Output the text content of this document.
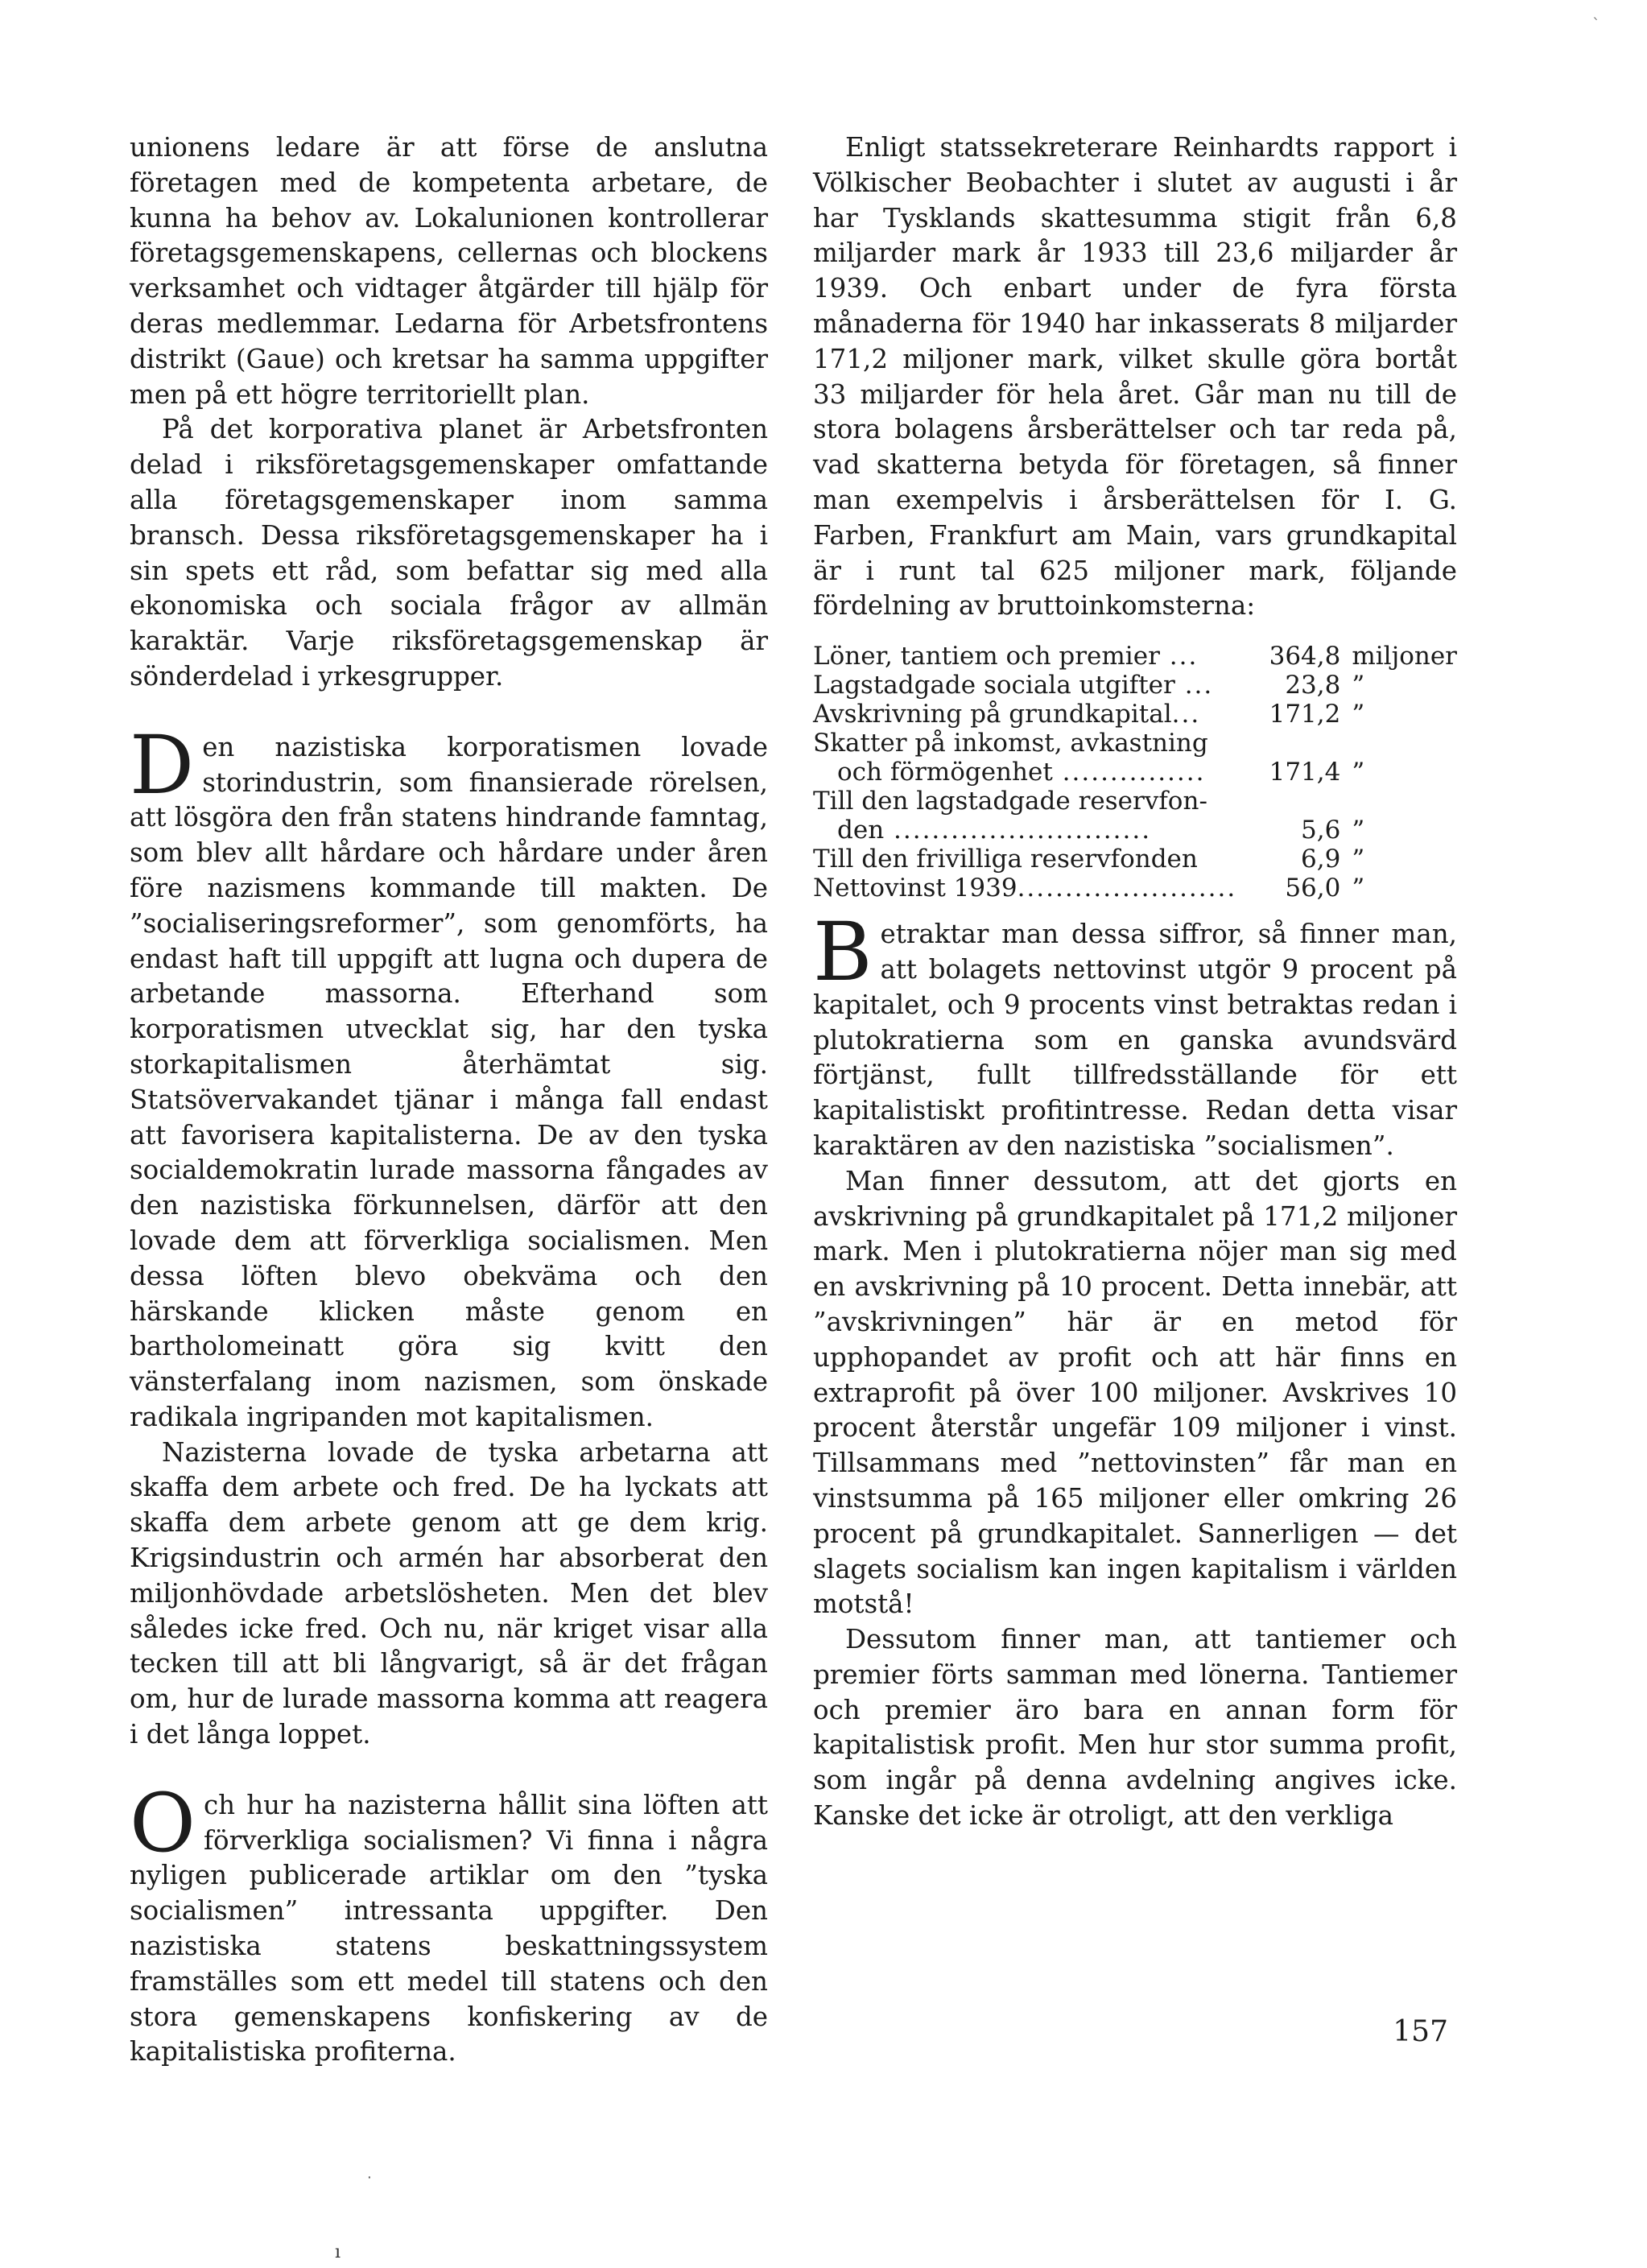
ˋ

unionens ledare är att förse de anslutna företagen med de kompetenta arbetare, de kunna ha behov av. Lokalunionen kontrollerar företagsgemenskapens, cellernas och blockens verksamhet och vidtager åtgärder till hjälp för deras medlemmar. Ledarna för Arbetsfrontens distrikt (Gaue) och kretsar ha samma uppgifter men på ett högre territoriellt plan.

På det korporativa planet är Arbetsfronten delad i riksföretagsgemenskaper omfattande alla företagsgemenskaper inom samma bransch. Dessa riksföretagsgemenskaper ha i sin spets ett råd, som befattar sig med alla ekonomiska och sociala frågor av allmän karaktär. Varje riksföretagsgemenskap är sönderdelad i yrkesgrupper.

Den nazistiska korporatismen lovade storindustrin, som finansierade rörelsen, att lösgöra den från statens hindrande famntag, som blev allt hårdare och hårdare under åren före nazismens kommande till makten. De ”socialiseringsreformer”, som genomförts, ha endast haft till uppgift att lugna och dupera de arbetande massorna. Efterhand som korporatismen utvecklat sig, har den tyska storkapitalismen återhämtat sig. Statsövervakandet tjänar i många fall endast att favorisera kapitalisterna. De av den tyska socialdemokratin lurade massorna fångades av den nazistiska förkunnelsen, därför att den lovade dem att förverkliga socialismen. Men dessa löften blevo obekväma och den härskande klicken måste genom en bartholomeinatt göra sig kvitt den vänsterfalang inom nazismen, som önskade radikala ingripanden mot kapitalismen.

Nazisterna lovade de tyska arbetarna att skaffa dem arbete och fred. De ha lyckats att skaffa dem arbete genom att ge dem krig. Krigsindustrin och armén har absorberat den miljonhövdade arbetslösheten. Men det blev således icke fred. Och nu, när kriget visar alla tecken till att bli långvarigt, så är det frågan om, hur de lurade massorna komma att reagera i det långa loppet.

Och hur ha nazisterna hållit sina löften att förverkliga socialismen? Vi finna i några nyligen publicerade artiklar om den ”tyska socialismen” intressanta uppgifter. Den nazistiska statens beskattningssystem framställes som ett medel till statens och den stora gemenskapens konfiskering av de kapitalistiska profiterna.

Enligt statssekreterare Reinhardts rapport i Völkischer Beobachter i slutet av augusti i år har Tysklands skattesumma stigit från 6,8 miljarder mark år 1933 till 23,6 miljarder år 1939. Och enbart under de fyra första månaderna för 1940 har inkasserats 8 miljarder 171,2 miljoner mark, vilket skulle göra bortåt 33 miljarder för hela året. Går man nu till de stora bolagens årsberättelser och tar reda på, vad skatterna betyda för företagen, så finner man exempelvis i årsberättelsen för I. G. Farben, Frankfurt am Main, vars grundkapital är i runt tal 625 miljoner mark, följande fördelning av bruttoinkomsterna:

Löner, tantiem och premier ...	364,8	miljoner
Lagstadgade sociala utgifter ...	23,8	”
Avskrivning på grundkapital...	171,2	”
Skatter på inkomst, avkastning		
och förmögenhet ...............	171,4	”
Till den lagstadgade reservfon-		
den ...........................	5,6	”
Till den frivilliga reservfonden	6,9	”
Nettovinst 1939.......................	56,0	”

Betraktar man dessa siffror, så finner man, att bolagets nettovinst utgör 9 procent på kapitalet, och 9 procents vinst betraktas redan i plutokratierna som en ganska avundsvärd förtjänst, fullt tillfredsställande för ett kapitalistiskt profitintresse. Redan detta visar karaktären av den nazistiska ”socialismen”.

Man finner dessutom, att det gjorts en avskrivning på grundkapitalet på 171,2 miljoner mark. Men i plutokratierna nöjer man sig med en avskrivning på 10 procent. Detta innebär, att ”avskrivningen” här är en metod för upphopandet av profit och att här finns en extraprofit på över 100 miljoner. Avskrives 10 procent återstår ungefär 109 miljoner i vinst. Tillsammans med ”nettovinsten” får man en vinstsumma på 165 miljoner eller omkring 26 procent på grundkapitalet. Sannerligen — det slagets socialism kan ingen kapitalism i världen motstå!

Dessutom finner man, att tantiemer och premier förts samman med lönerna. Tantiemer och premier äro bara en annan form för kapitalistisk profit. Men hur stor summa profit, som ingår på denna avdelning angives icke. Kanske det icke är otroligt, att den verkliga

157
‧
ı
